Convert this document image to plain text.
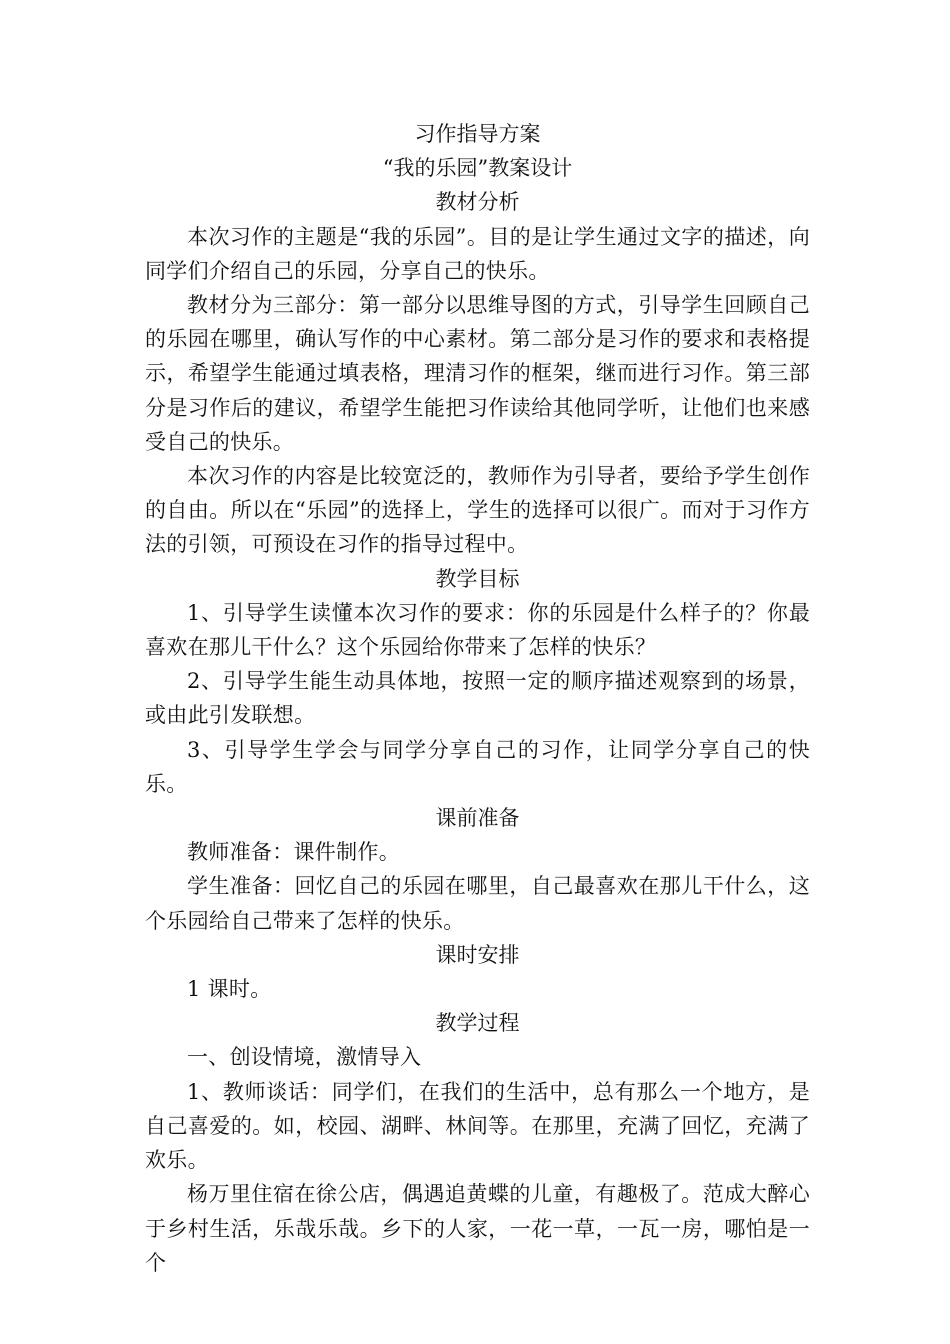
习作指导方案

“我的乐园”教案设计

教材分析

本次习作的主题是“我的乐园”。目的是让学生通过文字的描述，向同学们介绍自己的乐园，分享自己的快乐。

教材分为三部分：第一部分以思维导图的方式，引导学生回顾自己的乐园在哪里，确认写作的中心素材。第二部分是习作的要求和表格提示，希望学生能通过填表格，理清习作的框架，继而进行习作。第三部分是习作后的建议，希望学生能把习作读给其他同学听，让他们也来感受自己的快乐。

本次习作的内容是比较宽泛的，教师作为引导者，要给予学生创作的自由。所以在“乐园”的选择上，学生的选择可以很广。而对于习作方法的引领，可预设在习作的指导过程中。

教学目标

1、引导学生读懂本次习作的要求：你的乐园是什么样子的？你最喜欢在那儿干什么？这个乐园给你带来了怎样的快乐？

2、引导学生能生动具体地，按照一定的顺序描述观察到的场景，或由此引发联想。

3、引导学生学会与同学分享自己的习作，让同学分享自己的快乐。

课前准备

教师准备：课件制作。

学生准备：回忆自己的乐园在哪里，自己最喜欢在那儿干什么，这个乐园给自己带来了怎样的快乐。

课时安排

1 课时。

教学过程

一、创设情境，激情导入

1、教师谈话：同学们，在我们的生活中，总有那么一个地方，是自己喜爱的。如，校园、湖畔、林间等。在那里，充满了回忆，充满了欢乐。

杨万里住宿在徐公店，偶遇追黄蝶的儿童，有趣极了。范成大醉心于乡村生活，乐哉乐哉。乡下的人家，一花一草，一瓦一房，哪怕是一个
